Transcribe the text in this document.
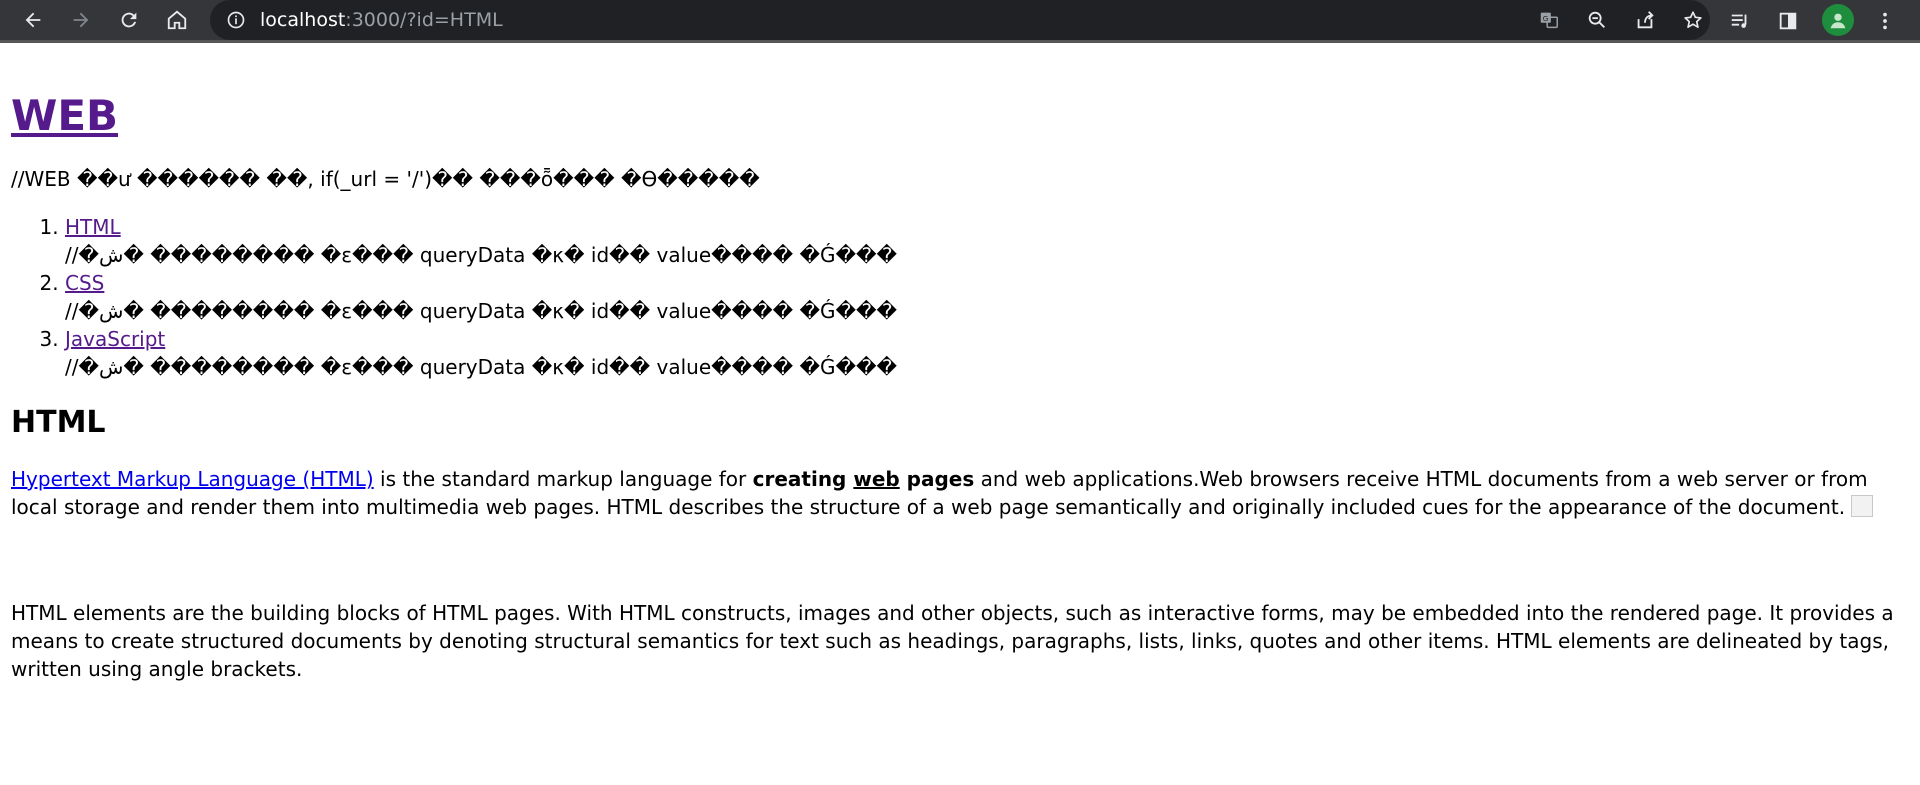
localhost:3000/?id=HTML	G
WEB

//WEB ��ư ������ ��, if(_url = '/')�� ���ȭ��� �ϴ�����

1. HTML
//�ش� �������� �ε��� queryData �κ� id�� value���� �Ǵ���
2. CSS
//�ش� �������� �ε��� queryData �κ� id�� value���� �Ǵ���
3. JavaScript
//�ش� �������� �ε��� queryData �κ� id�� value���� �Ǵ���
HTML

Hypertext Markup Language (HTML) is the standard markup language for creating web pages and web applications.Web browsers receive HTML documents from a web server or from local storage and render them into multimedia web pages. HTML describes the structure of a web page semantically and originally included cues for the appearance of the document.

HTML elements are the building blocks of HTML pages. With HTML constructs, images and other objects, such as interactive forms, may be embedded into the rendered page. It provides a means to create structured documents by denoting structural semantics for text such as headings, paragraphs, lists, links, quotes and other items. HTML elements are delineated by tags, written using angle brackets.
